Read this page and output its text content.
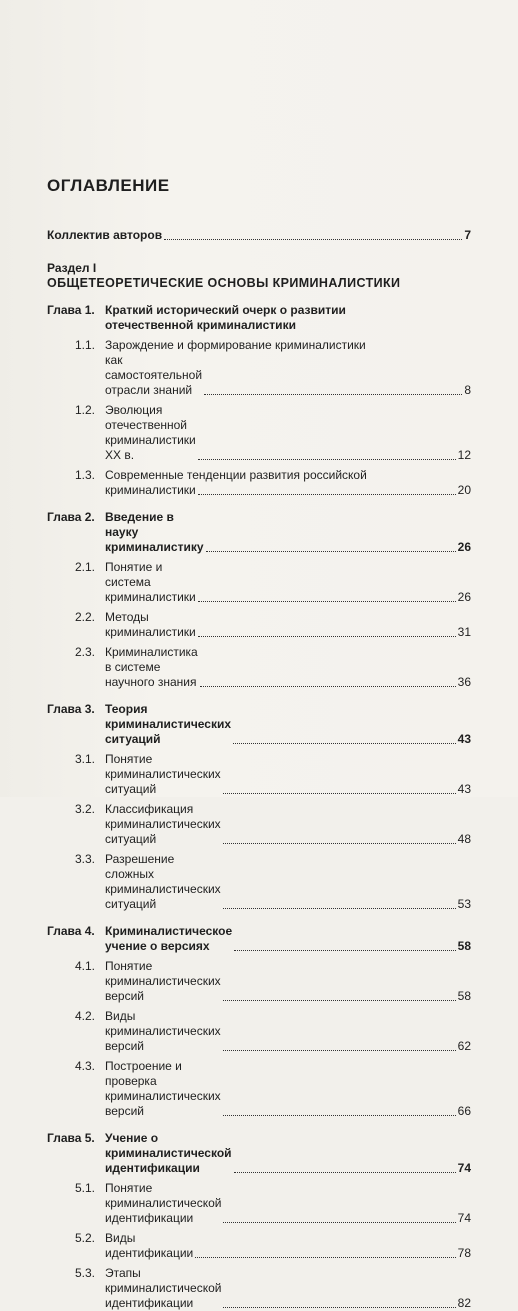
ОГЛАВЛЕНИЕ
Коллектив авторов	7
Раздел I
ОБЩЕТЕОРЕТИЧЕСКИЕ ОСНОВЫ КРИМИНАЛИСТИКИ
Глава 1. Краткий исторический очерк о развитии
отечественной криминалистики
1.1. Зарождение и формирование криминалистики
как самостоятельной отрасли знаний	8
1.2. Эволюция отечественной криминалистики XX в.	12
1.3. Современные тенденции развития российской
криминалистики	20
Глава 2. Введение в науку криминалистику	26
2.1. Понятие и система криминалистики	26
2.2. Методы криминалистики	31
2.3. Криминалистика в системе научного знания	36
Глава 3. Теория криминалистических ситуаций	43
3.1. Понятие криминалистических ситуаций	43
3.2. Классификация криминалистических ситуаций	48
3.3. Разрешение сложных криминалистических ситуаций	53
Глава 4. Криминалистическое учение о версиях	58
4.1. Понятие криминалистических версий	58
4.2. Виды криминалистических версий	62
4.3. Построение и проверка криминалистических версий	66
Глава 5. Учение о криминалистической идентификации	74
5.1. Понятие криминалистической идентификации	74
5.2. Виды идентификации	78
5.3. Этапы криминалистической идентификации	82
